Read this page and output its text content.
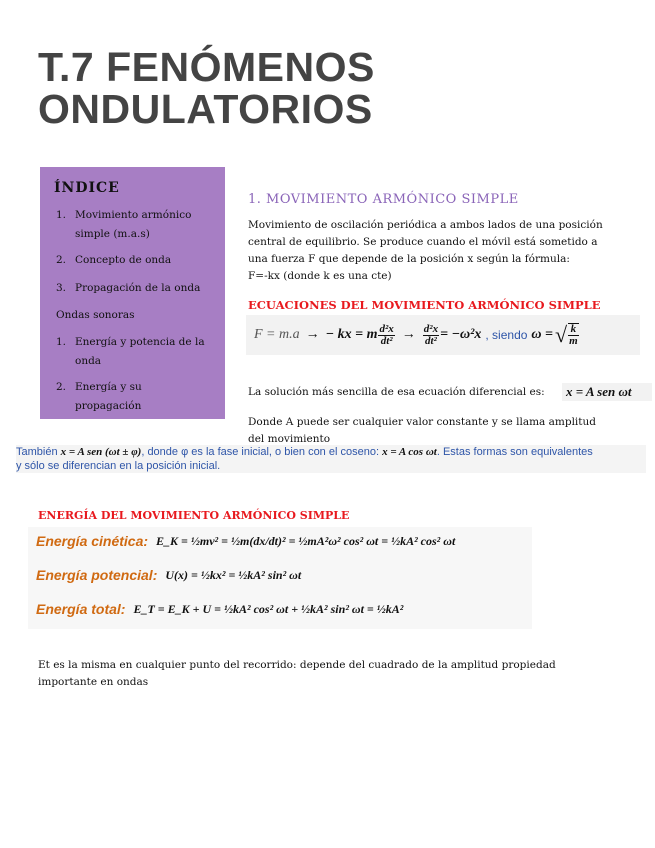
T.7 FENÓMENOS
ONDULATORIOS
ÍNDICE
1. Movimiento armónico
simple (m.a.s)
2. Concepto de onda
3. Propagación de la onda
Ondas sonoras
1. Energía y potencia de la
onda
2. Energía y su
propagación
1. MOVIMIENTO ARMÓNICO SIMPLE
Movimiento de oscilación periódica a ambos lados de una posición
central de equilibrio. Se produce cuando el móvil está sometido a
una fuerza F que depende de la posición x según la fórmula:
F=-kx (donde k es una cte)
ECUACIONES DEL MOVIMIENTO ARMÓNICO SIMPLE
F = m.a → − kx = m $\frac{\text{d²x}}{\text{dt²}} \to \frac{\text{d²x}}{\text{dt²}} = -\omega^2x$ , siendo ω = √ $\frac{k}{m}$
La solución más sencilla de esa ecuación diferencial es:	x = A sen ωt
Donde A puede ser cualquier valor constante y se llama amplitud
del movimiento
También x = A sen (ωt ± φ), donde φ es la fase inicial, o bien con el coseno: x = A cos ωt. Estas formas son equivalentes
y sólo se diferencian en la posición inicial.
ENERGÍA DEL MOVIMIENTO ARMÓNICO SIMPLE
Energía cinética: E_K = ½mv² = ½m(dx/dt)² = ½mA²ω² cos² ωt = ½kA² cos² ωt
Energía potencial: U(x) = ½kx² = ½kA² sin² ωt
Energía total: E_T = E_K + U = ½kA² cos² ωt + ½kA² sin² ωt = ½kA²
Et es la misma en cualquier punto del recorrido: depende del cuadrado de la amplitud propiedad
importante en ondas
